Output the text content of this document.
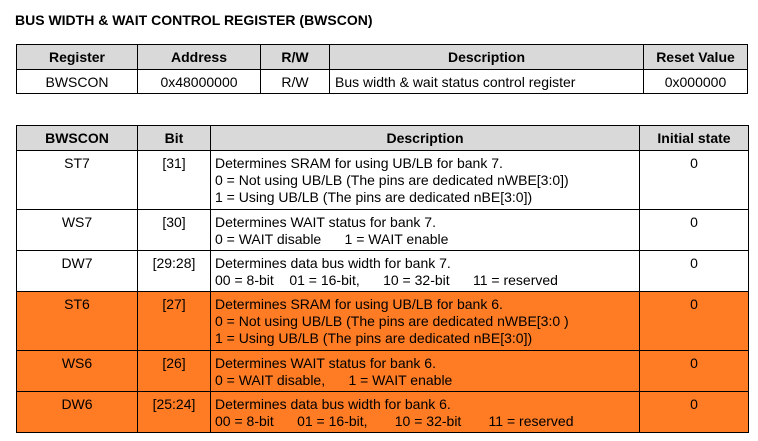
BUS WIDTH & WAIT CONTROL REGISTER (BWSCON)
Register	Address	R/W	Description	Reset Value
BWSCON	0x48000000	R/W	Bus width & wait status control register	0x000000
BWSCON	Bit	Description	Initial state
ST7	[31]	Determines SRAM for using UB/LB for bank 7.
0 = Not using UB/LB (The pins are dedicated nWBE[3:0])
1 = Using UB/LB (The pins are dedicated nBE[3:0])	0
WS7	[30]	Determines WAIT status for bank 7.
0 = WAIT disable      1 = WAIT enable	0
DW7	[29:28]	Determines data bus width for bank 7.
00 = 8-bit    01 = 16-bit,      10 = 32-bit      11 = reserved	0
ST6	[27]	Determines SRAM for using UB/LB for bank 6.
0 = Not using UB/LB (The pins are dedicated nWBE[3:0 )
1 = Using UB/LB (The pins are dedicated nBE[3:0])	0
WS6	[26]	Determines WAIT status for bank 6.
0 = WAIT disable,      1 = WAIT enable	0
DW6	[25:24]	Determines data bus width for bank 6.
00 = 8-bit      01 = 16-bit,       10 = 32-bit       11 = reserved	0
